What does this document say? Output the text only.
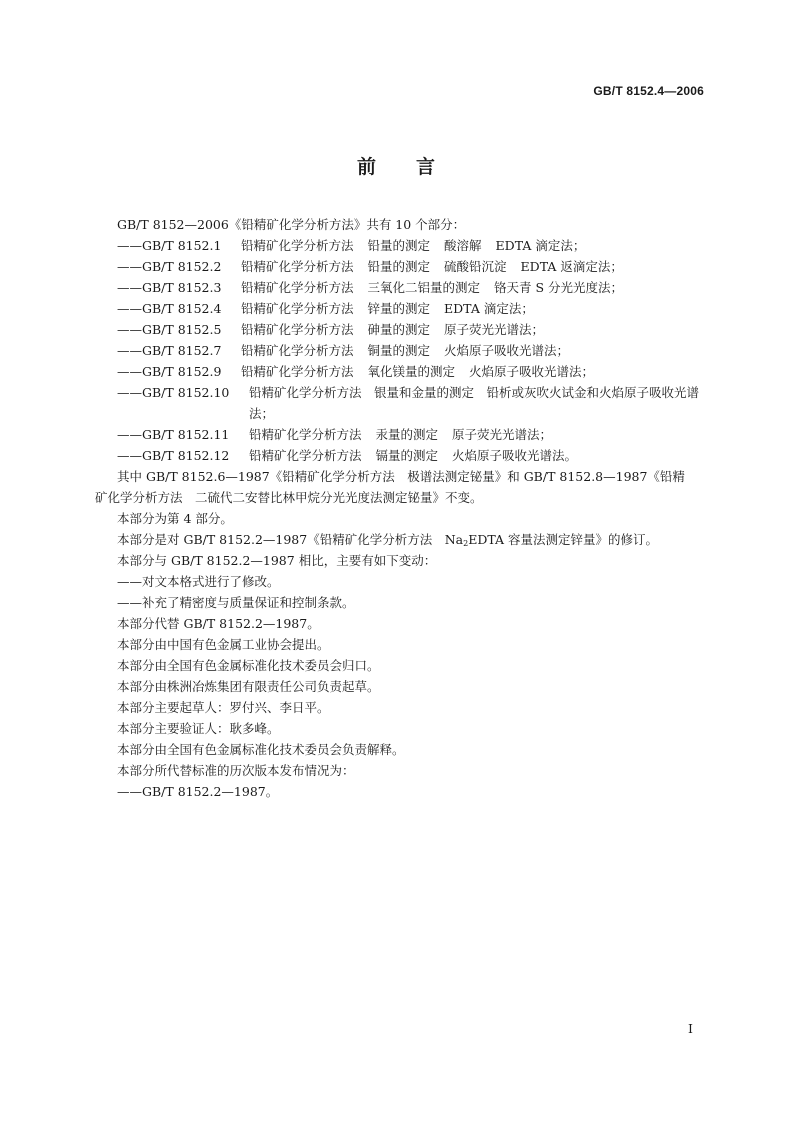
GB/T 8152.4—2006
前 言
GB/T 8152—2006《铅精矿化学分析方法》共有 10 个部分：
——GB/T 8152.1	铅精矿化学分析方法 铅量的测定 酸溶解 EDTA 滴定法；
——GB/T 8152.2	铅精矿化学分析方法 铅量的测定 硫酸铅沉淀 EDTA 返滴定法；
——GB/T 8152.3	铅精矿化学分析方法 三氧化二铝量的测定 铬天青 S 分光光度法；
——GB/T 8152.4	铅精矿化学分析方法 锌量的测定 EDTA 滴定法；
——GB/T 8152.5	铅精矿化学分析方法 砷量的测定 原子荧光光谱法；
——GB/T 8152.7	铅精矿化学分析方法 铜量的测定 火焰原子吸收光谱法；
——GB/T 8152.9	铅精矿化学分析方法 氧化镁量的测定 火焰原子吸收光谱法；
——GB/T 8152.10	铅精矿化学分析方法　银量和金量的测定　铅析或灰吹火试金和火焰原子吸收光谱法；
——GB/T 8152.11	铅精矿化学分析方法 汞量的测定 原子荧光光谱法；
——GB/T 8152.12	铅精矿化学分析方法 镉量的测定 火焰原子吸收光谱法。
其中 GB/T 8152.6—1987《铅精矿化学分析方法　极谱法测定铋量》和 GB/T 8152.8—1987《铅精
矿化学分析方法　二硫代二安替比林甲烷分光光度法测定铋量》不变。
本部分为第 4 部分。
本部分是对 GB/T 8152.2—1987《铅精矿化学分析方法　$Na_2EDTA$ 容量法测定锌量》的修订。
本部分与 GB/T 8152.2—1987 相比，主要有如下变动：
——对文本格式进行了修改。
——补充了精密度与质量保证和控制条款。
本部分代替 GB/T 8152.2—1987。
本部分由中国有色金属工业协会提出。
本部分由全国有色金属标准化技术委员会归口。
本部分由株洲冶炼集团有限责任公司负责起草。
本部分主要起草人：罗付兴、李日平。
本部分主要验证人：耿多峰。
本部分由全国有色金属标准化技术委员会负责解释。
本部分所代替标准的历次版本发布情况为：
——GB/T 8152.2—1987。
I
